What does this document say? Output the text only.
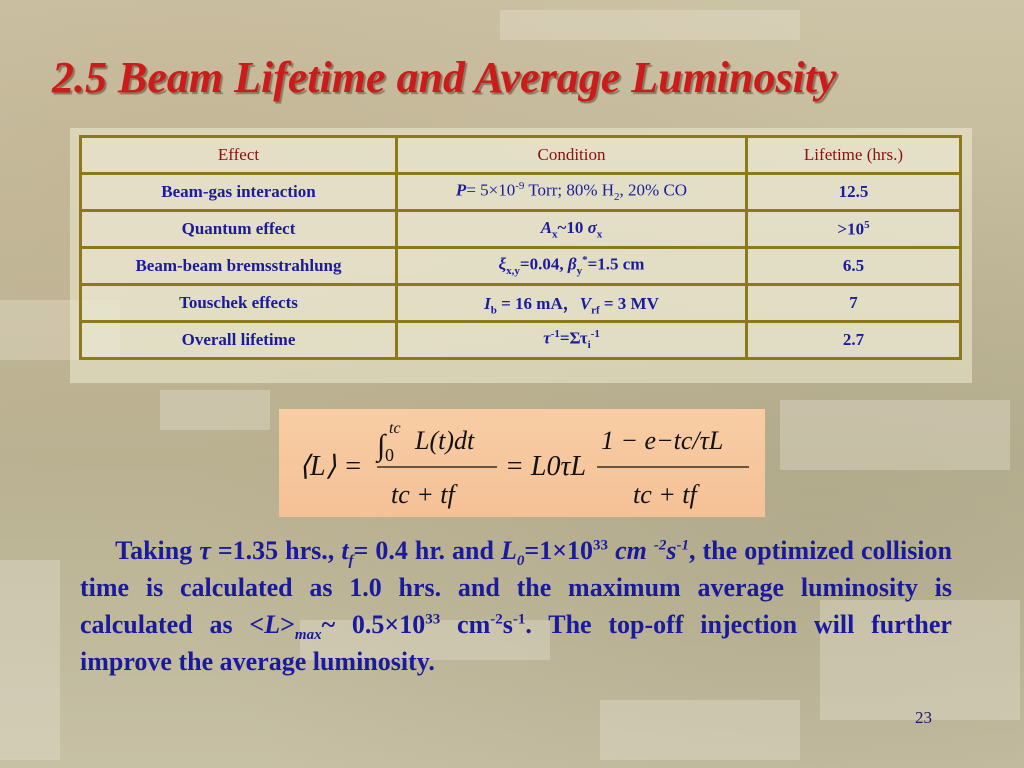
2.5 Beam Lifetime and Average Luminosity
Effect	Condition	Lifetime (hrs.)
Beam-gas interaction	$P= 5\times 10^{-9}$ Torr; 80% $H_2$, 20% CO	12.5
Quantum effect	$A_x\sim 10$ $\sigma_x$	$>10^5$
Beam-beam bremsstrahlung	$\xi_{x,y}=0.04$, $\beta_y^*=1.5$ cm	6.5
Touschek effects	$I_b = 16$ mA，$V_{rf} = 3$ MV	7
Overall lifetime	$\tau^{-1}=\Sigma\tau_i^{-1}$	2.7
⟨L⟩ =
∫
tc
0 L(t)dt
tc + tf
= L0τL
1 − e−tc/τL
tc + tf
Taking τ =1.35 hrs., $t_f= 0.4$ hr. and $L_0=1\times 10^{33}$ cm $^{-2}s^{-1}$, the optimized collision time is calculated as 1.0 hrs. and the maximum average luminosity is calculated as $<L>_{max}\sim$ $0.5\times 10^{33}$ $cm^{-2}s^{-1}$. The top-off injection will further improve the average luminosity.
23
